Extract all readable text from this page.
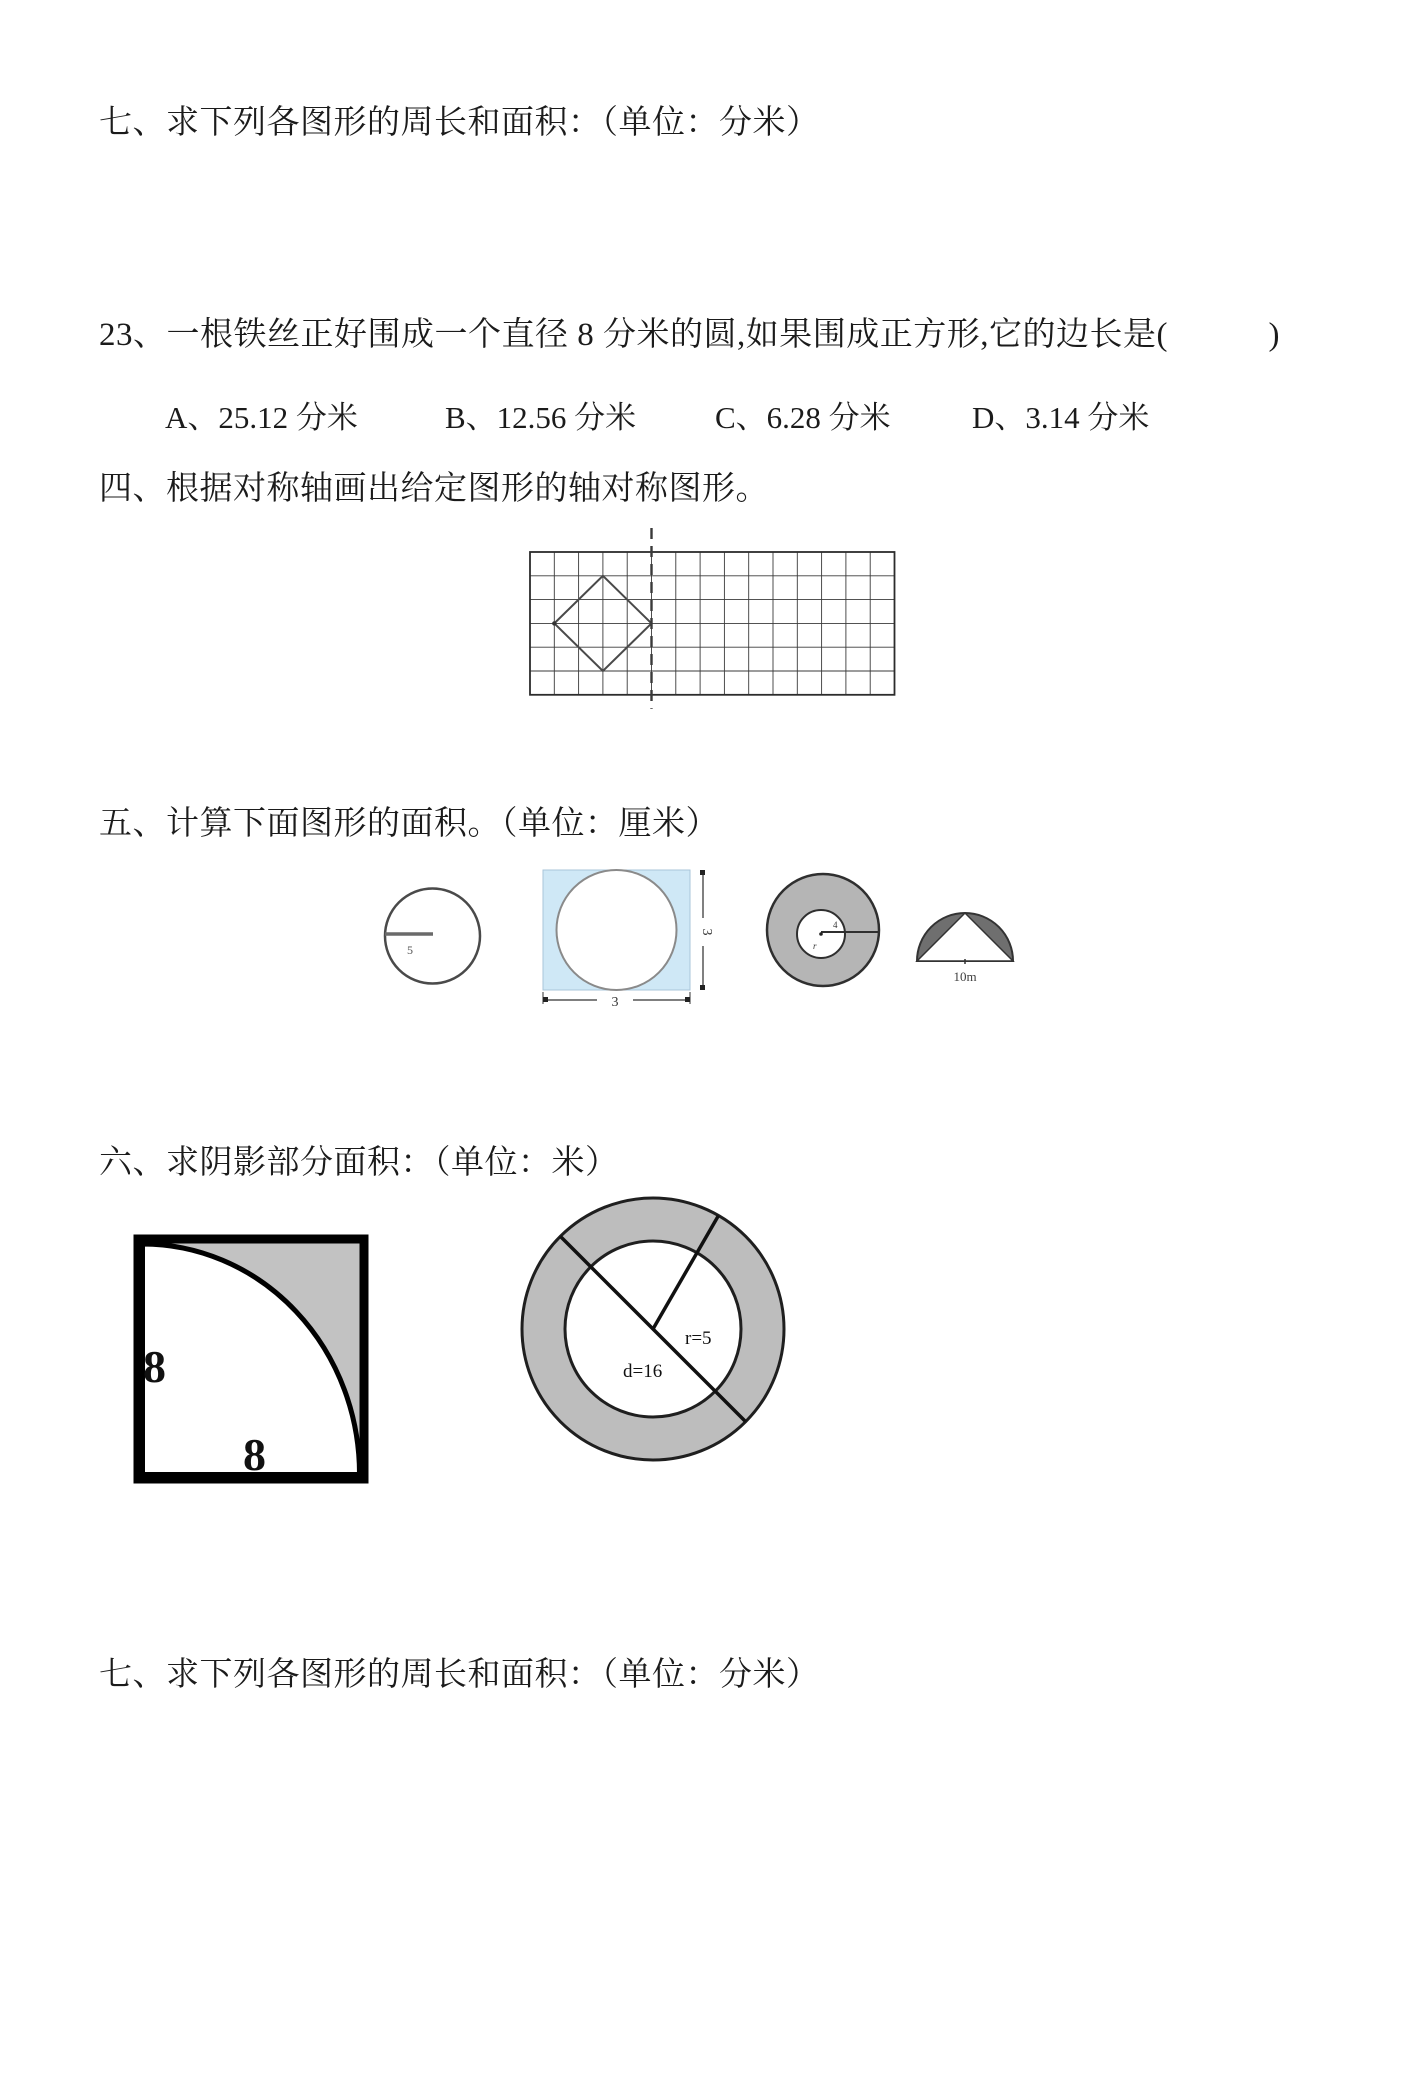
七、求下列各图形的周长和面积：（单位：分米）
23、一根铁丝正好围成一个直径 8 分米的圆,如果围成正方形,它的边长是(　　　)
A、25.12 分米	B、12.56 分米	C、6.28 分米	D、3.14 分米
四、根据对称轴画出给定图形的轴对称图形。
五、计算下面图形的面积。（单位：厘米）
5
3
3
4
r
10m
六、求阴影部分面积：（单位：米）
8
8
r=5
d=16
七、求下列各图形的周长和面积：（单位：分米）
